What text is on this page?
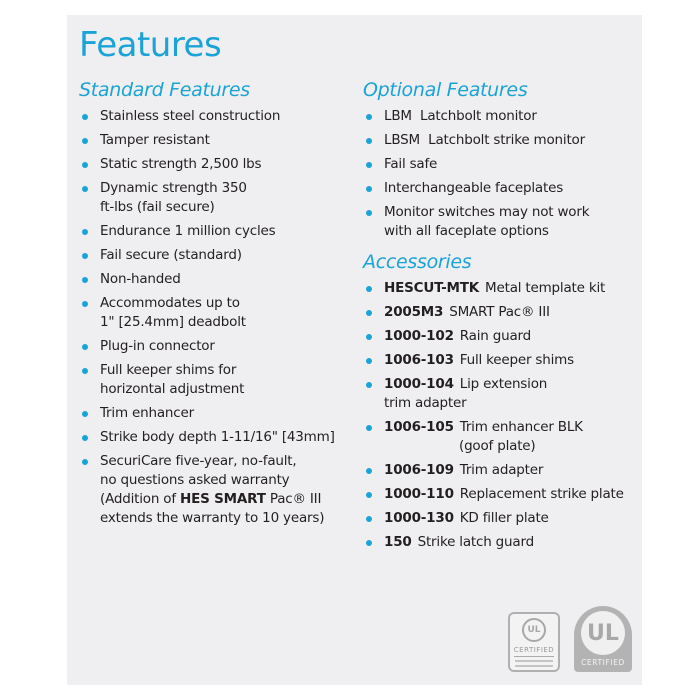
Features
Standard Features
Stainless steel construction
Tamper resistant
Static strength 2,500 lbs
Dynamic strength 350
ft-lbs (fail secure)
Endurance 1 million cycles
Fail secure (standard)
Non-handed
Accommodates up to
1" [25.4mm] deadbolt
Plug-in connector
Full keeper shims for
horizontal adjustment
Trim enhancer
Strike body depth 1-11/16" [43mm]
SecuriCare five-year, no-fault,
no questions asked warranty
(Addition of HES SMART Pac® III
extends the warranty to 10 years)
Optional Features
LBM  Latchbolt monitor
LBSM  Latchbolt strike monitor
Fail safe
Interchangeable faceplates
Monitor switches may not work
with all faceplate options
Accessories
HESCUT-MTK Metal template kit
2005M3 SMART Pac® III
1000-102 Rain guard
1006-103 Full keeper shims
1000-104 Lip extension
trim adapter
1006-105 Trim enhancer BLK
(goof plate)
1006-109 Trim adapter
1000-110 Replacement strike plate
1000-130 KD filler plate
150 Strike latch guard
UL
CERTIFIED
UL
CERTIFIED
